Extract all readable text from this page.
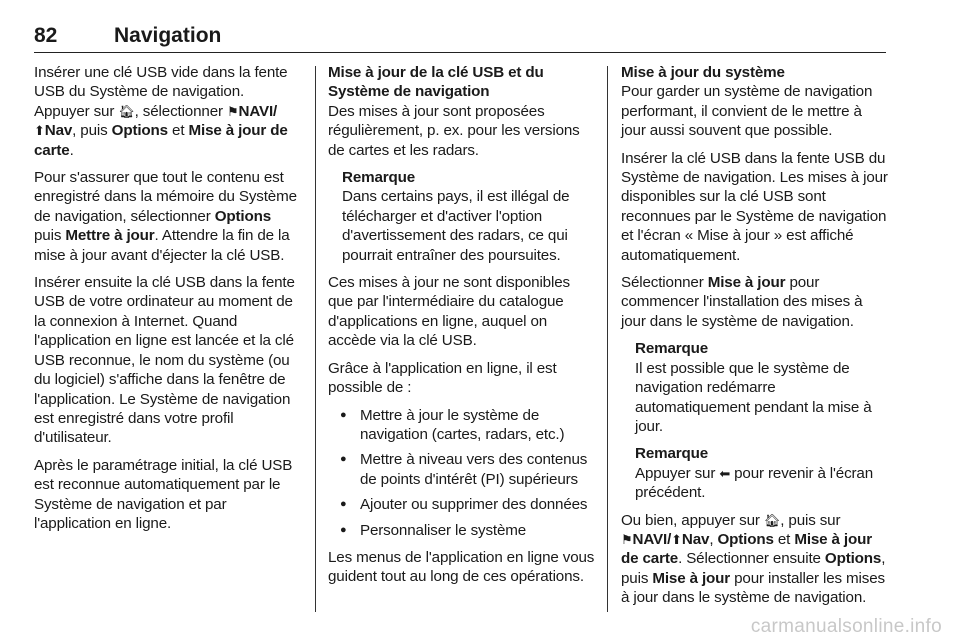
82	Navigation

Insérer une clé USB vide dans la fente USB du Système de navigation. Appuyer sur 🏠︎, sélectionner ⚑NAVI/
⬆Nav, puis Options et Mise à jour de carte.

Pour s'assurer que tout le contenu est enregistré dans la mémoire du Système de navigation, sélectionner Options puis Mettre à jour. Attendre la fin de la mise à jour avant d'éjecter la clé USB.

Insérer ensuite la clé USB dans la fente USB de votre ordinateur au moment de la connexion à Internet. Quand l'application en ligne est lancée et la clé USB reconnue, le nom du système (ou du logiciel) s'affiche dans la fenêtre de l'application. Le Système de navigation est enregistré dans votre profil d'utilisateur.

Après le paramétrage initial, la clé USB est reconnue automatiquement par le Système de navigation et par l'application en ligne.

Mise à jour de la clé USB et du Système de navigation

Des mises à jour sont proposées régulièrement, p. ex. pour les versions de cartes et les radars.

Remarque
Dans certains pays, il est illégal de télécharger et d'activer l'option d'avertissement des radars, ce qui pourrait entraîner des poursuites.

Ces mises à jour ne sont disponibles que par l'intermédiaire du catalogue d'applications en ligne, auquel on accède via la clé USB.

Grâce à l'application en ligne, il est possible de :

● Mettre à jour le système de navigation (cartes, radars, etc.)
● Mettre à niveau vers des contenus de points d'intérêt (PI) supérieurs
● Ajouter ou supprimer des données
● Personnaliser le système

Les menus de l'application en ligne vous guident tout au long de ces opérations.

Mise à jour du système

Pour garder un système de navigation performant, il convient de le mettre à jour aussi souvent que possible.

Insérer la clé USB dans la fente USB du Système de navigation. Les mises à jour disponibles sur la clé USB sont reconnues par le Système de navigation et l'écran « Mise à jour » est affiché automatiquement.

Sélectionner Mise à jour pour commencer l'installation des mises à jour dans le système de navigation.

Remarque
Il est possible que le système de navigation redémarre automatiquement pendant la mise à jour.
Remarque
Appuyer sur ⬅ pour revenir à l'écran précédent.

Ou bien, appuyer sur 🏠︎, puis sur
⚑NAVI/⬆Nav, Options et Mise à jour de carte. Sélectionner ensuite Options, puis Mise à jour pour installer les mises à jour dans le système de navigation.

carmanualsonline.info
